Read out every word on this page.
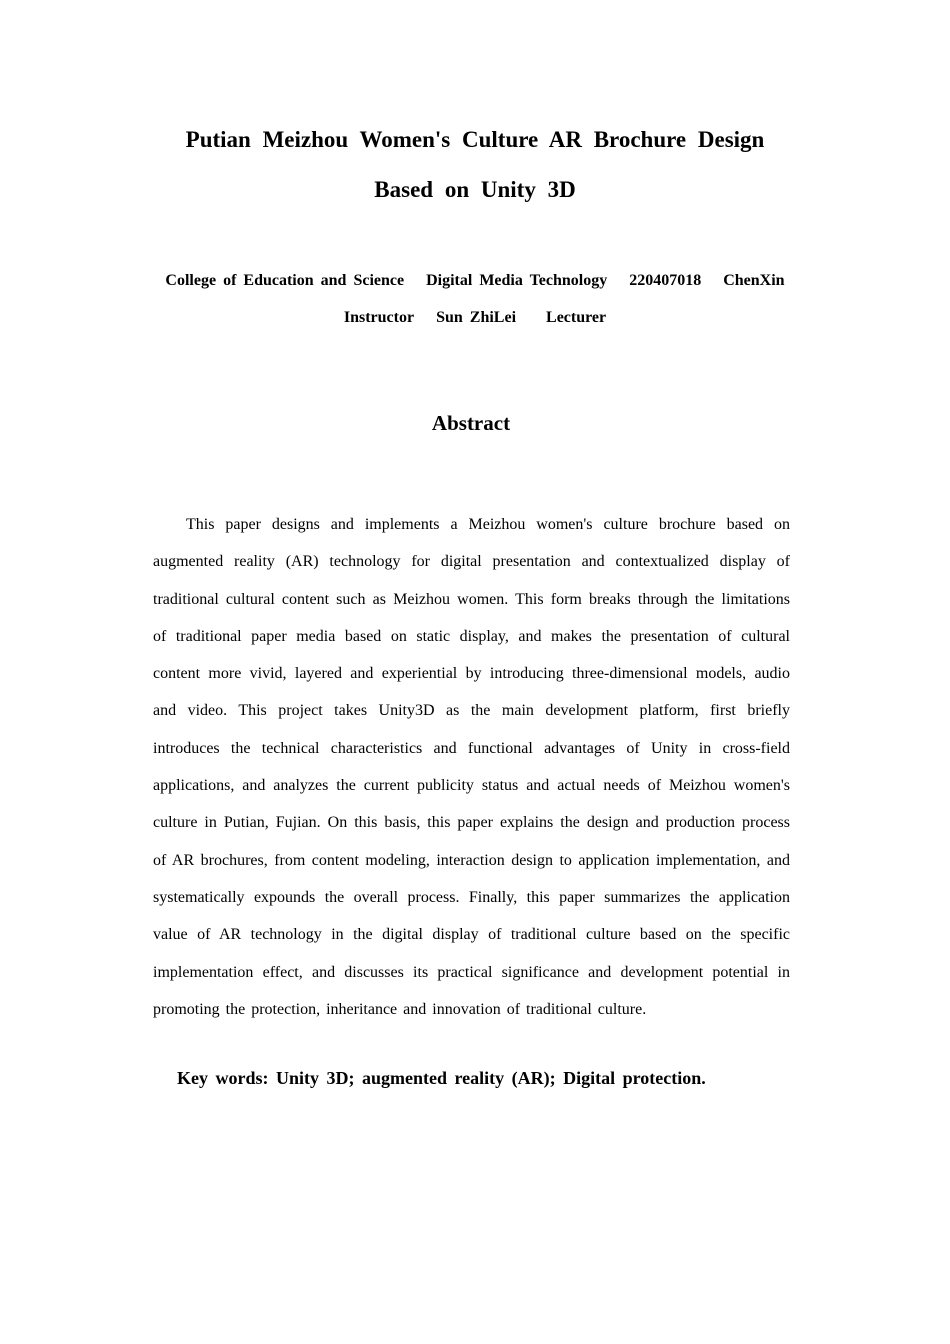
Putian Meizhou Women's Culture AR Brochure Design
Based on Unity 3D
College of Education and Science Digital Media Technology 220407018 ChenXin
Instructor Sun ZhiLei Lecturer
Abstract

This paper designs and implements a Meizhou women's culture brochure based on augmented reality (AR) technology for digital presentation and contextualized display of traditional cultural content such as Meizhou women. This form breaks through the limitations of traditional paper media based on static display, and makes the presentation of cultural content more vivid, layered and experiential by introducing three-dimensional models, audio and video. This project takes Unity3D as the main development platform, first briefly introduces the technical characteristics and functional advantages of Unity in cross-field applications, and analyzes the current publicity status and actual needs of Meizhou women's culture in Putian, Fujian. On this basis, this paper explains the design and production process of AR brochures, from content modeling, interaction design to application implementation, and systematically expounds the overall process. Finally, this paper summarizes the application value of AR technology in the digital display of traditional culture based on the specific implementation effect, and discusses its practical significance and development potential in promoting the protection, inheritance and innovation of traditional culture.

Key words: Unity 3D; augmented reality (AR); Digital protection.
